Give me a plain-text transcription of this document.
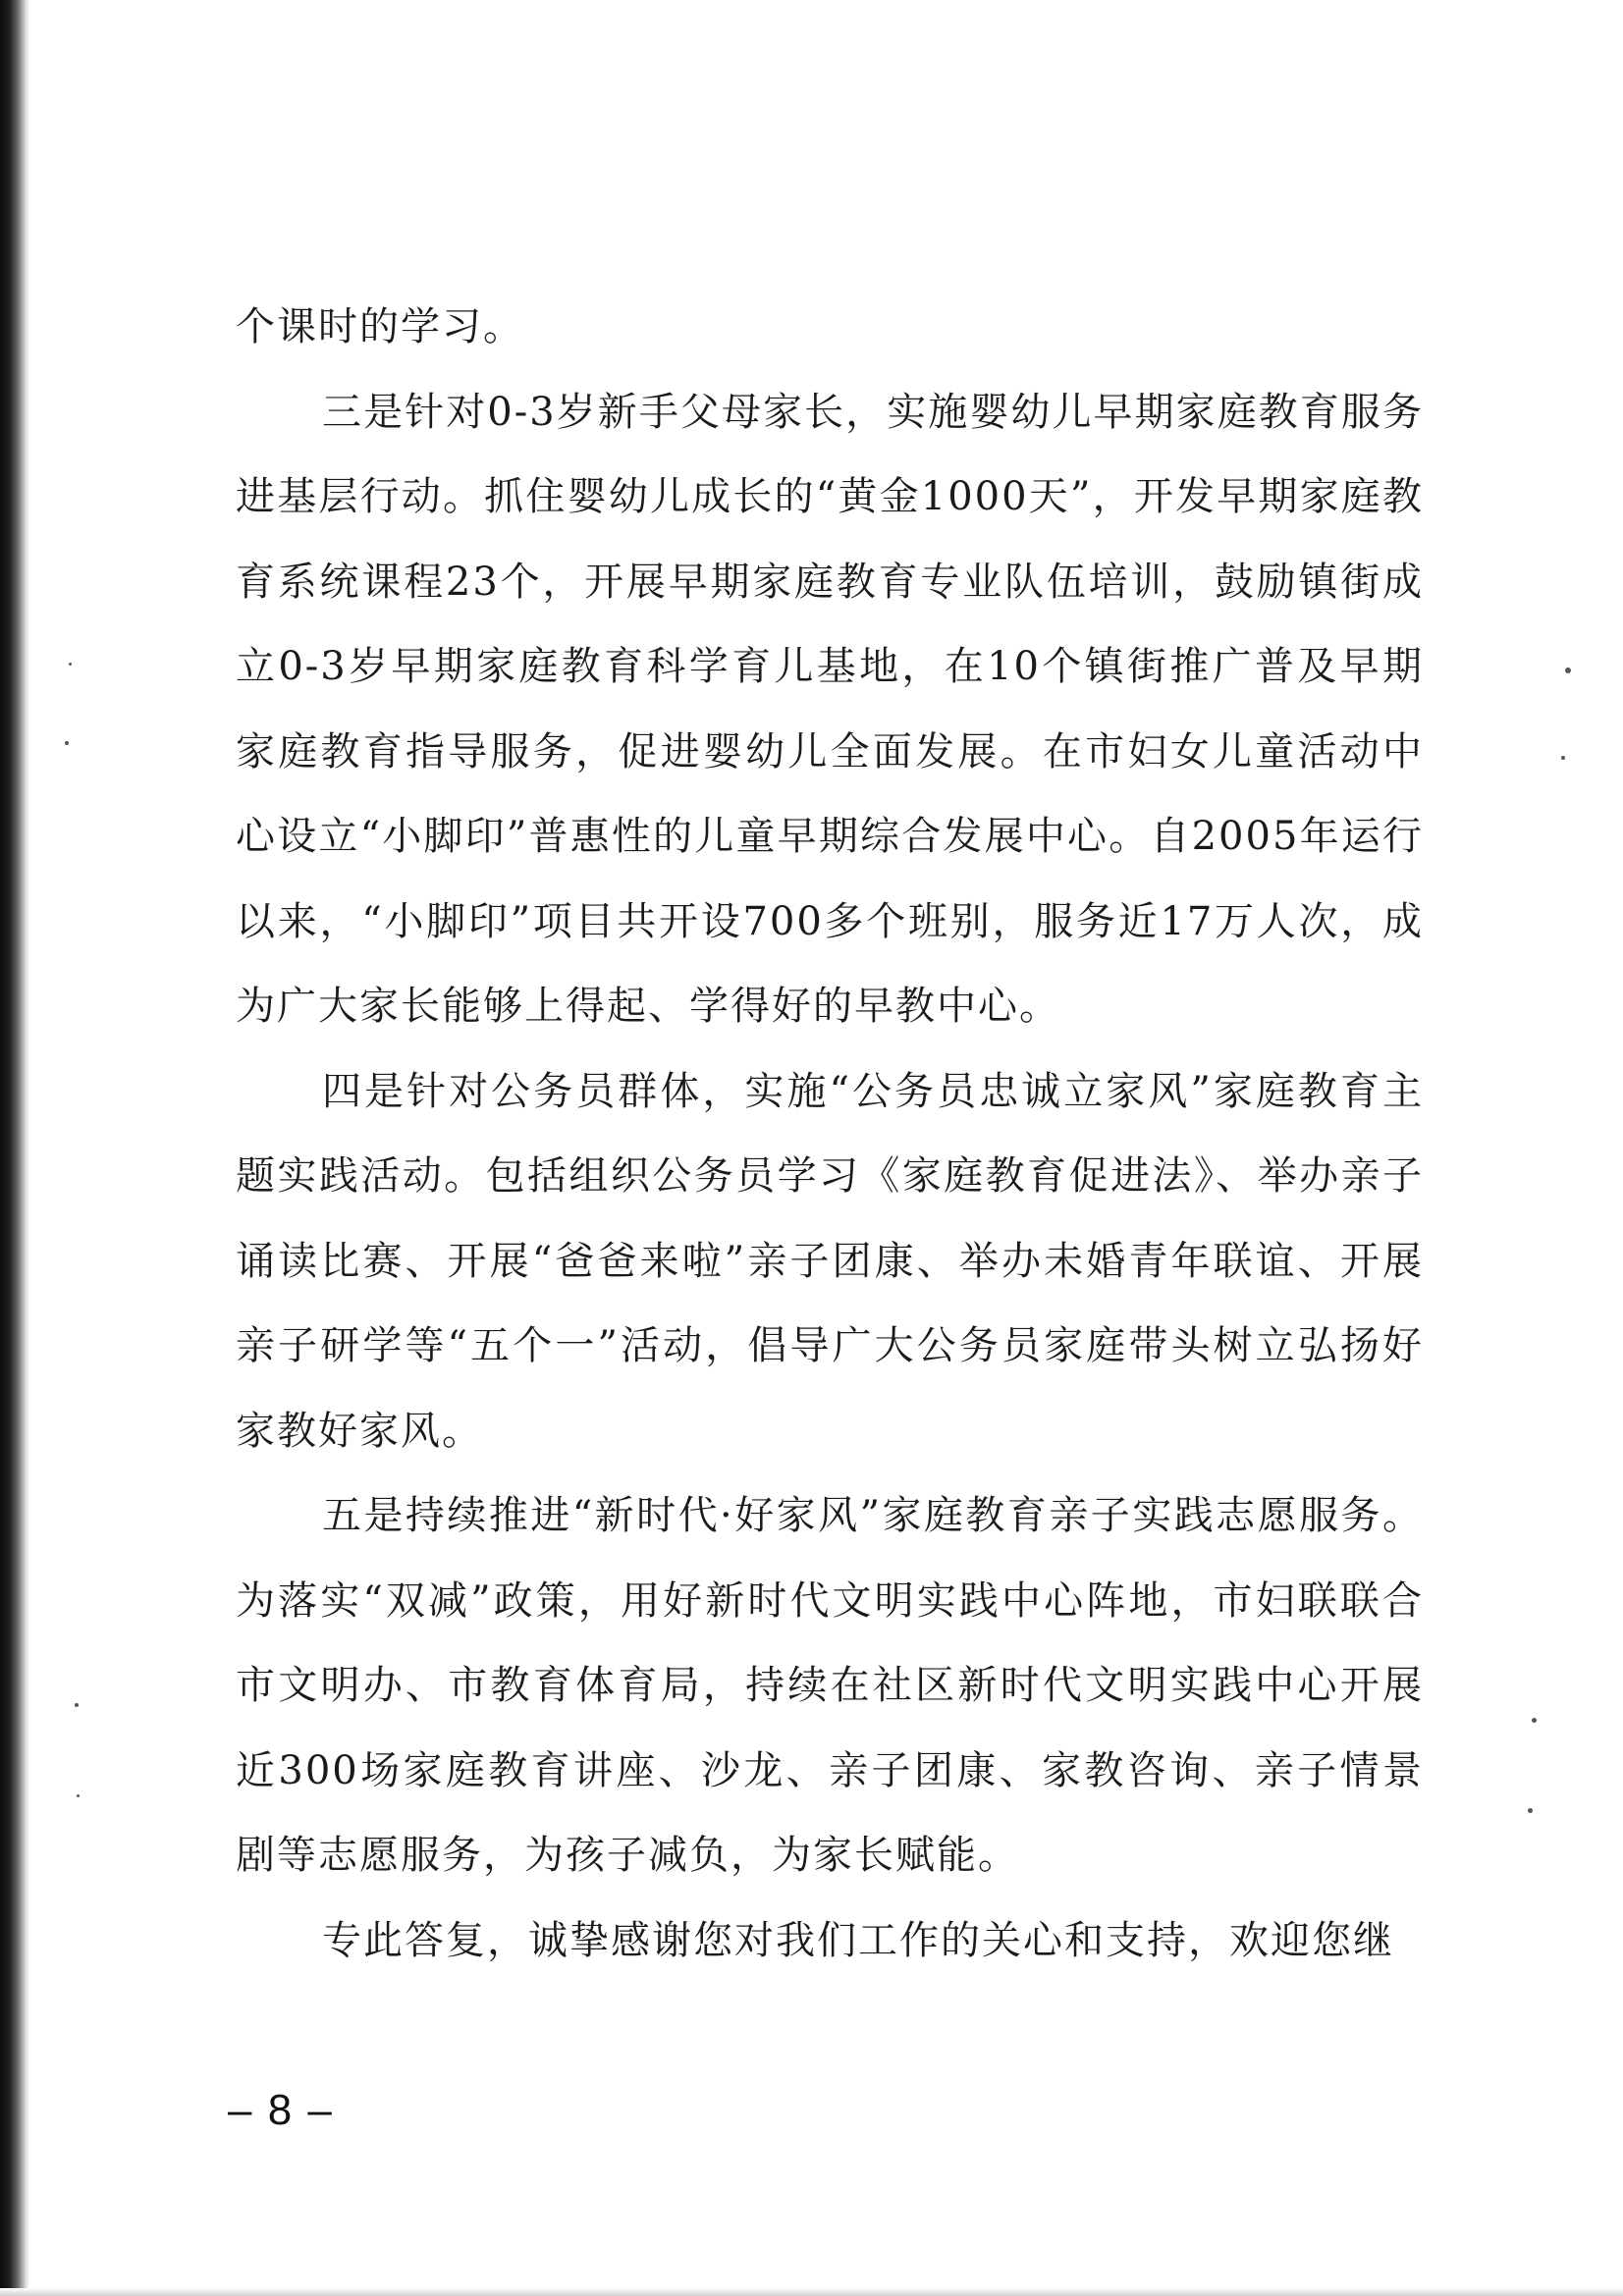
个课时的学习。

三是针对0-3岁新手父母家长，实施婴幼儿早期家庭教育服务进基层行动。抓住婴幼儿成长的“黄金1000天”，开发早期家庭教育系统课程23个，开展早期家庭教育专业队伍培训，鼓励镇街成立0-3岁早期家庭教育科学育儿基地，在10个镇街推广普及早期家庭教育指导服务，促进婴幼儿全面发展。在市妇女儿童活动中心设立“小脚印”普惠性的儿童早期综合发展中心。自2005年运行以来，“小脚印”项目共开设700多个班别，服务近17万人次，成为广大家长能够上得起、学得好的早教中心。

四是针对公务员群体，实施“公务员忠诚立家风”家庭教育主题实践活动。包括组织公务员学习《家庭教育促进法》、举办亲子诵读比赛、开展“爸爸来啦”亲子团康、举办未婚青年联谊、开展亲子研学等“五个一”活动，倡导广大公务员家庭带头树立弘扬好家教好家风。

五是持续推进“新时代·好家风”家庭教育亲子实践志愿服务。为落实“双减”政策，用好新时代文明实践中心阵地，市妇联联合市文明办、市教育体育局，持续在社区新时代文明实践中心开展近300场家庭教育讲座、沙龙、亲子团康、家教咨询、亲子情景剧等志愿服务，为孩子减负，为家长赋能。

专此答复，诚挚感谢您对我们工作的关心和支持，欢迎您继

– 8 –
